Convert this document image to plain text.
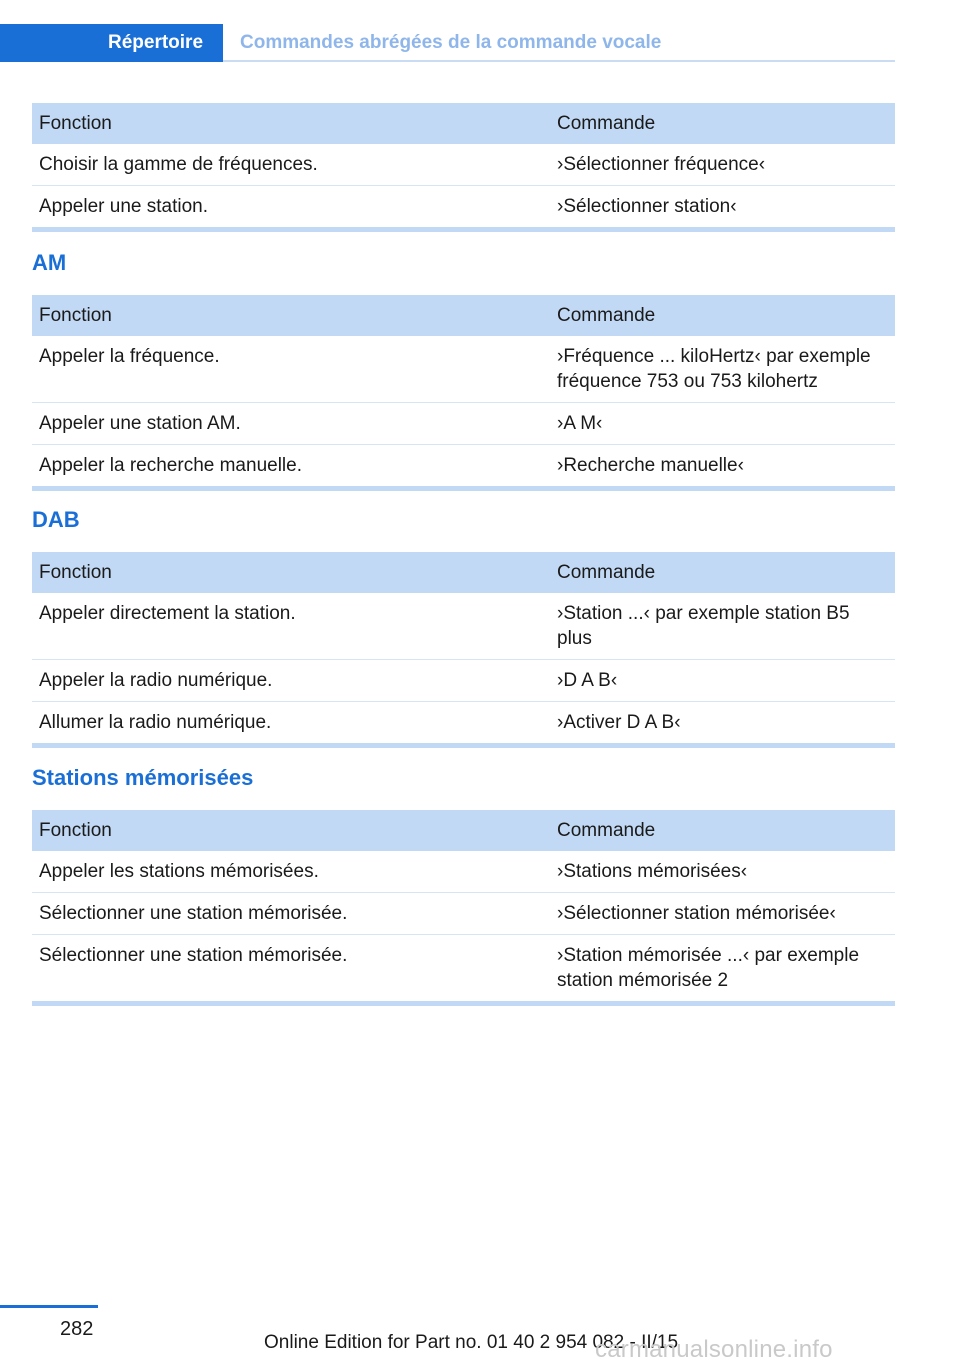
Répertoire	Commandes abrégées de la commande vocale
Fonction	Commande
Choisir la gamme de fréquences.	›Sélectionner fréquence‹
Appeler une station.	›Sélectionner station‹
AM
Fonction	Commande
Appeler la fréquence.	›Fréquence ... kiloHertz‹ par exemple fréquence 753 ou 753 kilohertz
Appeler une station AM.	›A M‹
Appeler la recherche manuelle.	›Recherche manuelle‹
DAB
Fonction	Commande
Appeler directement la station.	›Station ...‹ par exemple station B5 plus
Appeler la radio numérique.	›D A B‹
Allumer la radio numérique.	›Activer D A B‹
Stations mémorisées
Fonction	Commande
Appeler les stations mémorisées.	›Stations mémorisées‹
Sélectionner une station mémorisée.	›Sélectionner station mémorisée‹
Sélectionner une station mémorisée.	›Station mémorisée ...‹ par exemple station mémorisée 2
282
Online Edition for Part no. 01 40 2 954 082 - II/15
carmanualsonline.info
